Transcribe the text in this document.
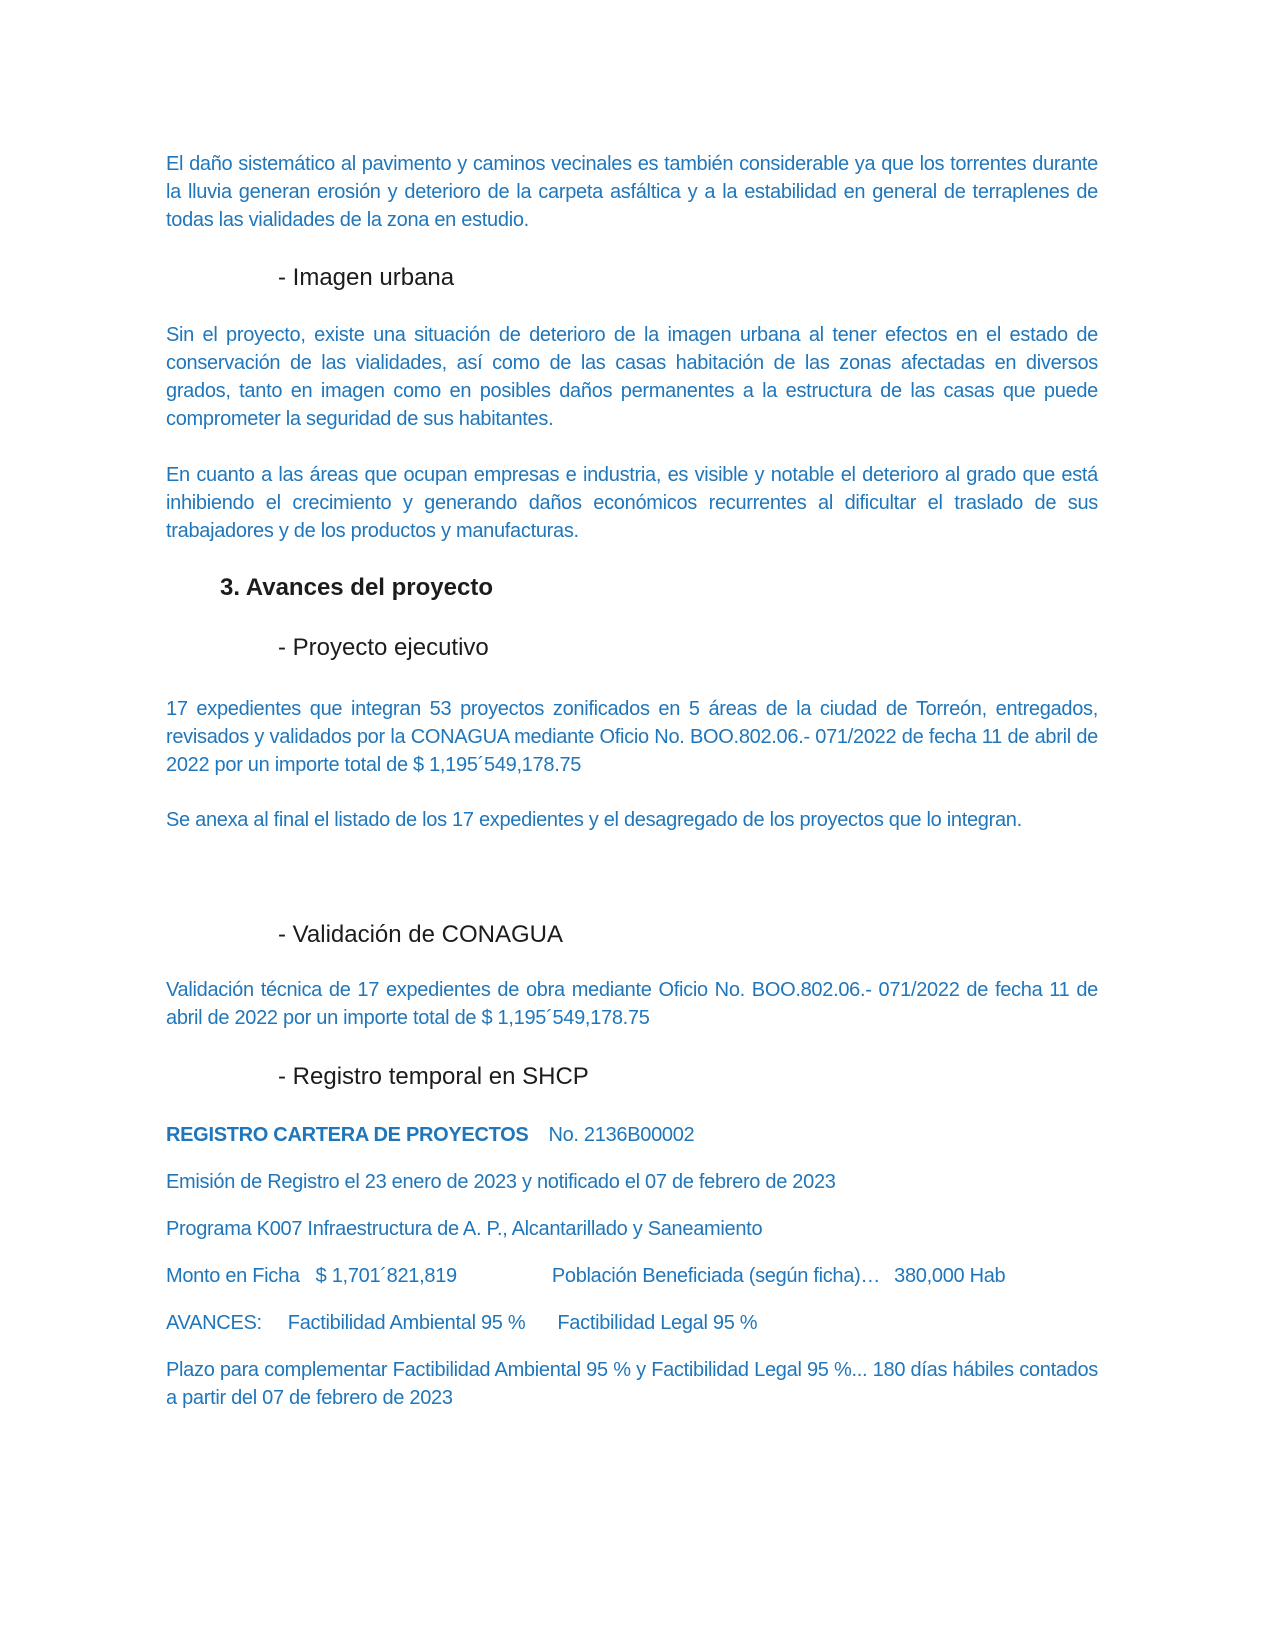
El daño sistemático al pavimento y caminos vecinales es también considerable ya que los torrentes durante la lluvia generan erosión y deterioro de la carpeta asfáltica y a la estabilidad en general de terraplenes de todas las vialidades de la zona en estudio.

- Imagen urbana

Sin el proyecto, existe una situación de deterioro de la imagen urbana al tener efectos en el estado de conservación de las vialidades, así como de las casas habitación de las zonas afectadas en diversos grados, tanto en imagen como en posibles daños permanentes a la estructura de las casas que puede comprometer la seguridad de sus habitantes.

En cuanto a las áreas que ocupan empresas e industria, es visible y notable el deterioro al grado que está inhibiendo el crecimiento y generando daños económicos recurrentes al dificultar el traslado de sus trabajadores y de los productos y manufacturas.

3. Avances del proyecto
- Proyecto ejecutivo

17 expedientes que integran 53 proyectos zonificados en 5 áreas de la ciudad de Torreón, entregados, revisados y validados por la CONAGUA mediante Oficio No. BOO.802.06.- 071/2022 de fecha 11 de abril de 2022 por un importe total de $ 1,195´549,178.75

Se anexa al final el listado de los 17 expedientes y el desagregado de los proyectos que lo integran.

- Validación de CONAGUA

Validación técnica de 17 expedientes de obra mediante Oficio No. BOO.802.06.- 071/2022 de fecha 11 de abril de 2022 por un importe total de $ 1,195´549,178.75

- Registro temporal en SHCP

REGISTRO CARTERA DE PROYECTOS No. 2136B00002

Emisión de Registro el 23 enero de 2023 y notificado el 07 de febrero de 2023

Programa K007 Infraestructura de A. P., Alcantarillado y Saneamiento

Monto en Ficha $ 1,701´821,819	Población Beneficiada (según ficha)… 380,000 Hab

AVANCES: Factibilidad Ambiental 95 % Factibilidad Legal 95 %

Plazo para complementar Factibilidad Ambiental 95 % y Factibilidad Legal 95 %... 180 días hábiles contados a partir del 07 de febrero de 2023
